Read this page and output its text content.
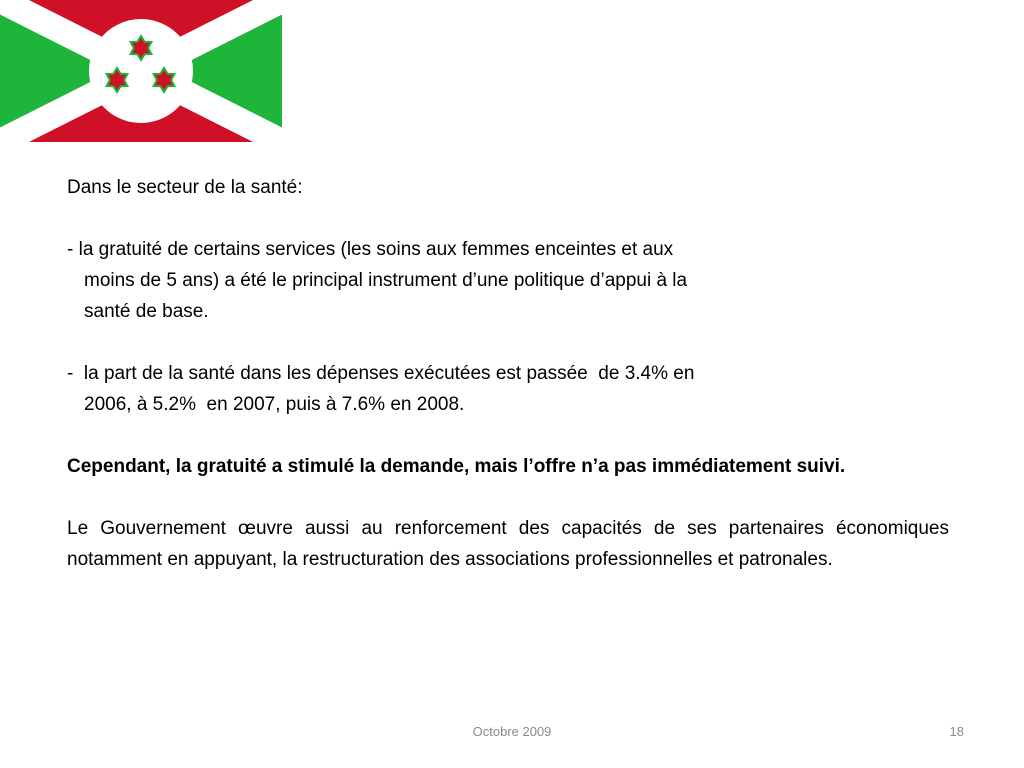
Dans le secteur de la santé:

- la gratuité de certains services (les soins aux femmes enceintes et aux

moins de 5 ans) a été le principal instrument d’une politique d’appui à la

santé de base.

-  la part de la santé dans les dépenses exécutées est passée  de 3.4% en

2006, à 5.2%  en 2007, puis à 7.6% en 2008.

Cependant, la gratuité a stimulé la demande, mais l’offre n’a pas immédiatement suivi.

Le Gouvernement œuvre aussi au renforcement des capacités de ses partenaires économiques notamment en appuyant, la restructuration des associations professionnelles et patronales.

Octobre 2009	18
